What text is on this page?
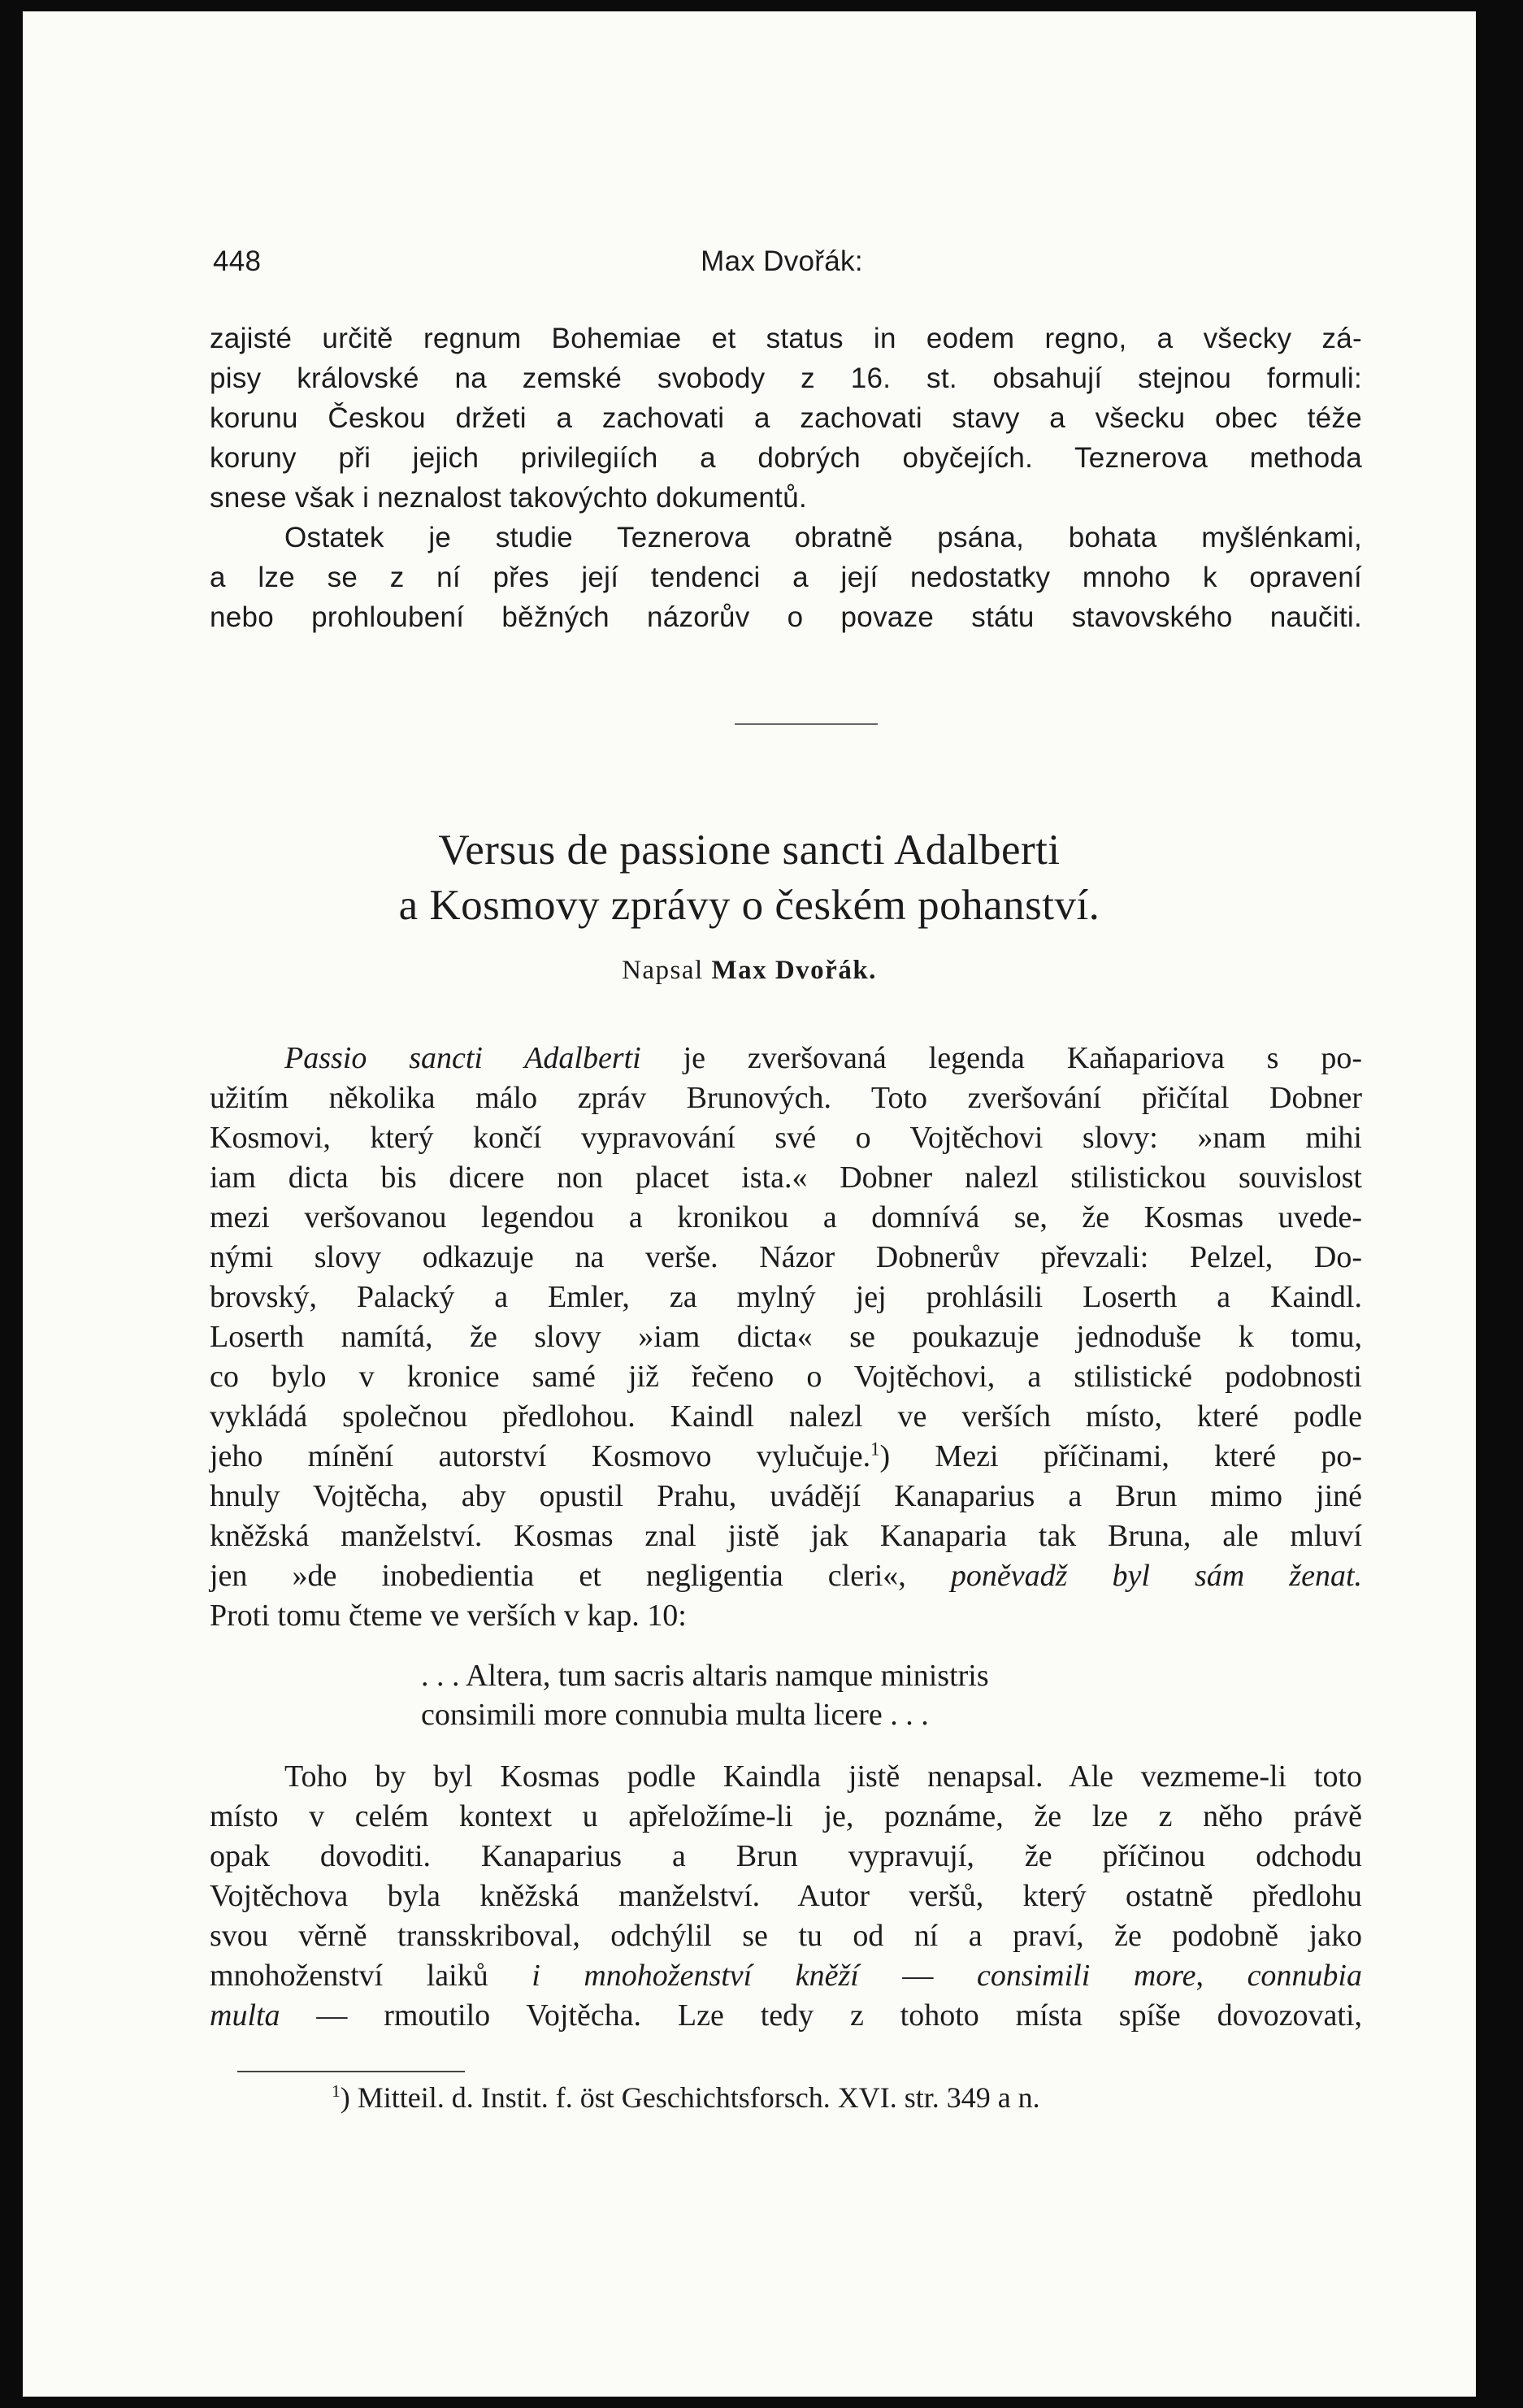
448	Max Dvořák:
zajisté určitě regnum Bohemiae et status in eodem regno, a všecky zá-
pisy královské na zemské svobody z 16. st. obsahují stejnou formuli:
korunu Českou držeti a zachovati a zachovati stavy a všecku obec téže
koruny při jejich privilegiích a dobrých obyčejích. Teznerova methoda
snese však i neznalost takovýchto dokumentů.
Ostatek je studie Teznerova obratně psána, bohata myšlénkami,
a lze se z ní přes její tendenci a její nedostatky mnoho k opravení
nebo prohloubení běžných názorův o povaze státu stavovského naučiti.
Versus de passione sancti Adalberti
a Kosmovy zprávy o českém pohanství.
Napsal Max Dvořák.
Passio sancti Adalberti je zveršovaná legenda Kaňapariova s po-
užitím několika málo zpráv Brunových. Toto zveršování přičítal Dobner
Kosmovi, který končí vypravování své o Vojtěchovi slovy: »nam mihi
iam dicta bis dicere non placet ista.« Dobner nalezl stilistickou souvislost
mezi veršovanou legendou a kronikou a domnívá se, že Kosmas uvede-
nými slovy odkazuje na verše. Názor Dobnerův převzali: Pelzel, Do-
brovský, Palacký a Emler, za mylný jej prohlásili Loserth a Kaindl.
Loserth namítá, že slovy »iam dicta« se poukazuje jednoduše k tomu,
co bylo v kronice samé již řečeno o Vojtěchovi, a stilistické podobnosti
vykládá společnou předlohou. Kaindl nalezl ve verších místo, které podle
jeho mínění autorství Kosmovo vylučuje.$^1$) Mezi příčinami, které po-
hnuly Vojtěcha, aby opustil Prahu, uvádějí Kanaparius a Brun mimo jiné
kněžská manželství. Kosmas znal jistě jak Kanaparia tak Bruna, ale mluví
jen »de inobedientia et negligentia cleri«, poněvadž byl sám ženat.
Proti tomu čteme ve verších v kap. 10:
. . . Altera, tum sacris altaris namque ministris
consimili more connubia multa licere . . .
Toho by byl Kosmas podle Kaindla jistě nenapsal. Ale vezmeme-li toto
místo v celém kontext u apřeložíme-li je, poznáme, že lze z něho právě
opak dovoditi. Kanaparius a Brun vypravují, že příčinou odchodu
Vojtěchova byla kněžská manželství. Autor veršů, který ostatně předlohu
svou věrně transskriboval, odchýlil se tu od ní a praví, že podobně jako
mnohoženství laiků i mnohoženství kněží — consimili more, connubia
multa — rmoutilo Vojtěcha. Lze tedy z tohoto místa spíše dovozovati,
$^1$) Mitteil. d. Instit. f. öst Geschichtsforsch. XVI. str. 349 a n.
